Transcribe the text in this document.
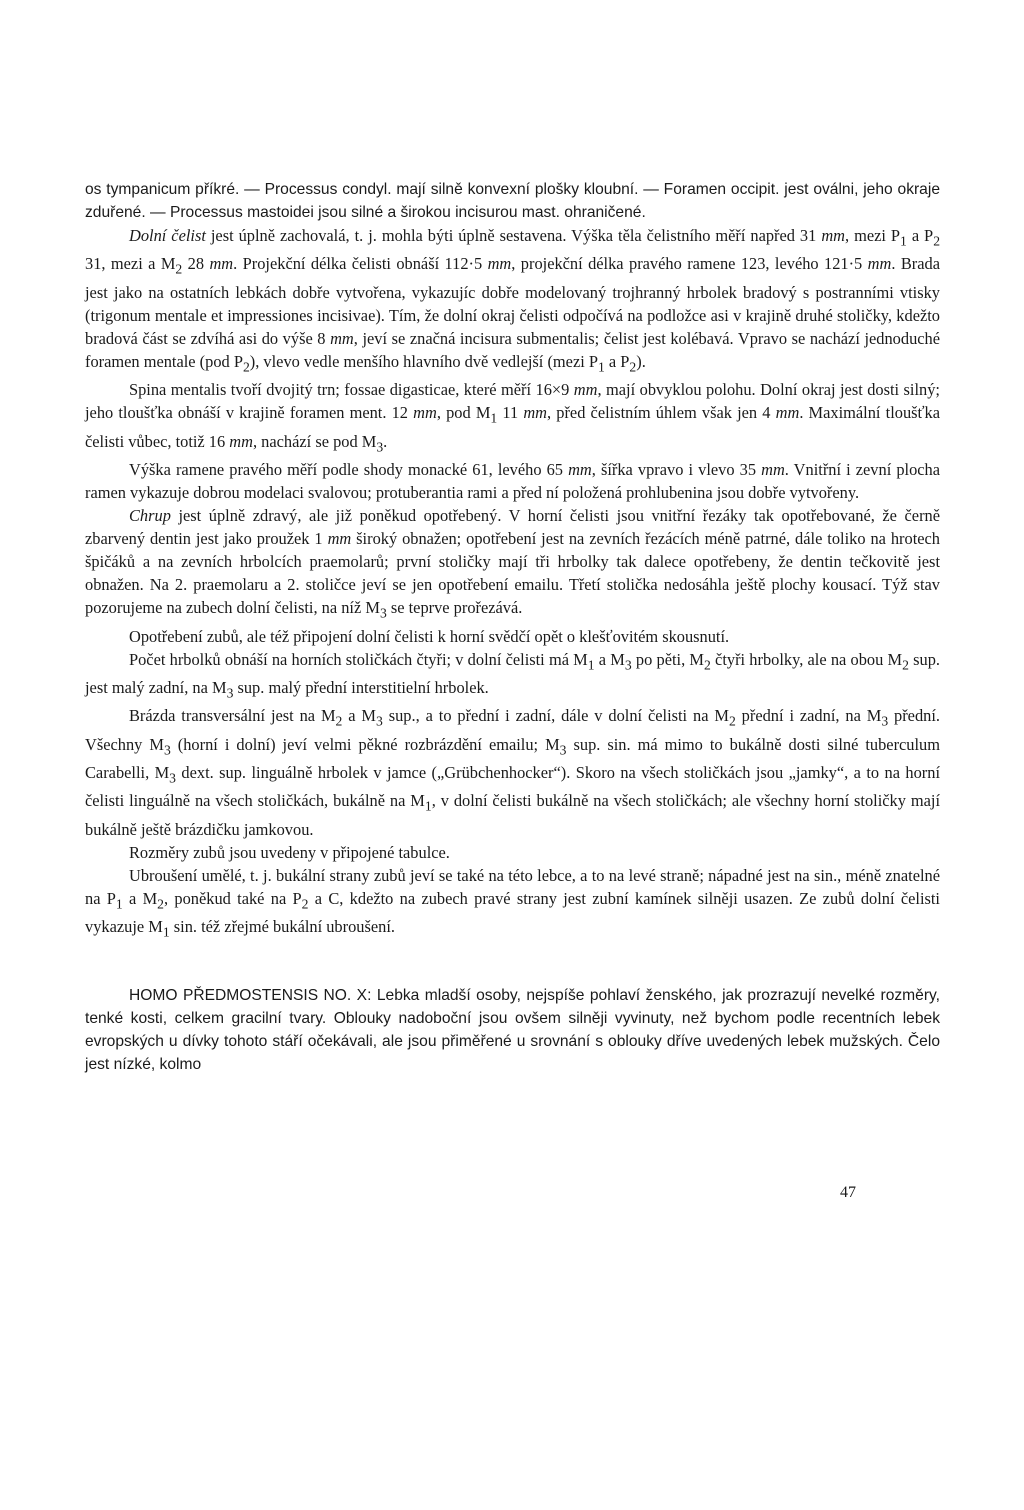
os tympanicum příkré. — Processus condyl. mají silně konvexní plošky kloubní. — Foramen occipit. jest oválni, jeho okraje zduřené. — Processus mastoidei jsou silné a širokou incisurou mast. ohraničené.

Dolní čelist jest úplně zachovalá, t. j. mohla býti úplně sestavena. Výška těla čelistního měří napřed 31 mm, mezi $P_1$ a $P_2$ 31, mezi a $M_2$ 28 mm. Projekční délka čelisti obnáší 112·5 mm, projekční délka pravého ramene 123, levého 121·5 mm. Brada jest jako na ostatních lebkách dobře vytvořena, vykazujíc dobře modelovaný trojhranný hrbolek bradový s postranními vtisky (trigonum mentale et impressiones incisivae). Tím, že dolní okraj čelisti odpočívá na podložce asi v krajině druhé stoličky, kdežto bradová část se zdvíhá asi do výše 8 mm, jeví se značná incisura submentalis; čelist jest kolébavá. Vpravo se nachází jednoduché foramen mentale (pod $P_2$), vlevo vedle menšího hlavního dvě vedlejší (mezi $P_1$ a $P_2$).

Spina mentalis tvoří dvojitý trn; fossae digasticae, které měří 16×9 mm, mají obvyklou polohu. Dolní okraj jest dosti silný; jeho tloušťka obnáší v krajině foramen ment. 12 mm, pod $M_1$ 11 mm, před čelistním úhlem však jen 4 mm. Maximální tloušťka čelisti vůbec, totiž 16 mm, nachází se pod $M_3$.

Výška ramene pravého měří podle shody monacké 61, levého 65 mm, šířka vpravo i vlevo 35 mm. Vnitřní i zevní plocha ramen vykazuje dobrou modelaci svalovou; protuberantia rami a před ní položená prohlubenina jsou dobře vytvořeny.

Chrup jest úplně zdravý, ale již poněkud opotřebený. V horní čelisti jsou vnitřní řezáky tak opotřebované, že černě zbarvený dentin jest jako proužek 1 mm široký obnažen; opotřebení jest na zevních řezácích méně patrné, dále toliko na hrotech špičáků a na zevních hrbolcích praemolarů; první stoličky mají tři hrbolky tak dalece opotřebeny, že dentin tečkovitě jest obnažen. Na 2. praemolaru a 2. stoličce jeví se jen opotřebení emailu. Třetí stolička nedosáhla ještě plochy kousací. Týž stav pozorujeme na zubech dolní čelisti, na níž $M_3$ se teprve prořezává.

Opotřebení zubů, ale též připojení dolní čelisti k horní svědčí opět o klešťovitém skousnutí.

Počet hrbolků obnáší na horních stoličkách čtyři; v dolní čelisti má $M_1$ a $M_3$ po pěti, $M_2$ čtyři hrbolky, ale na obou $M_2$ sup. jest malý zadní, na $M_3$ sup. malý přední interstitielní hrbolek.

Brázda transversální jest na $M_2$ a $M_3$ sup., a to přední i zadní, dále v dolní čelisti na $M_2$ přední i zadní, na $M_3$ přední. Všechny $M_3$ (horní i dolní) jeví velmi pěkné rozbrázdění emailu; $M_3$ sup. sin. má mimo to bukálně dosti silné tuberculum Carabelli, $M_3$ dext. sup. linguálně hrbolek v jamce („Grübchenhocker“). Skoro na všech stoličkách jsou „jamky“, a to na horní čelisti linguálně na všech stoličkách, bukálně na $M_1$, v dolní čelisti bukálně na všech stoličkách; ale všechny horní stoličky mají bukálně ještě brázdičku jamkovou.

Rozměry zubů jsou uvedeny v připojené tabulce.

Ubroušení umělé, t. j. bukální strany zubů jeví se také na této lebce, a to na levé straně; nápadné jest na sin., méně znatelné na $P_1$ a $M_2$, poněkud také na $P_2$ a C, kdežto na zubech pravé strany jest zubní kamínek silněji usazen. Ze zubů dolní čelisti vykazuje $M_1$ sin. též zřejmé bukální ubroušení.

HOMO PŘEDMOSTENSIS NO. X: Lebka mladší osoby, nejspíše pohlaví ženského, jak prozrazují nevelké rozměry, tenké kosti, celkem gracilní tvary. Oblouky nadoboční jsou ovšem silněji vyvinuty, než bychom podle recentních lebek evropských u dívky tohoto stáří očekávali, ale jsou přiměřené u srovnání s oblouky dříve uvedených lebek mužských. Čelo jest nízké, kolmo

47
